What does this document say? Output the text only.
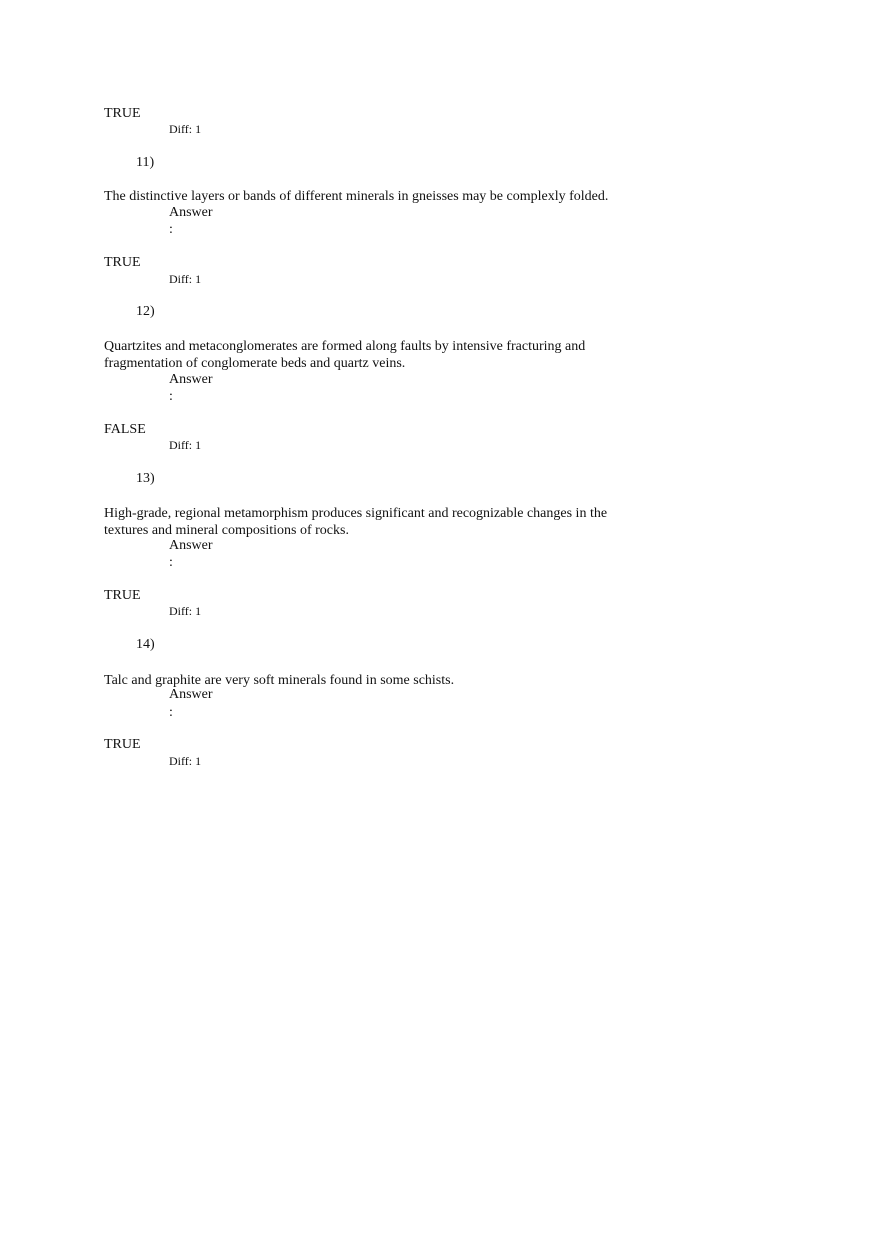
TRUE
Diff: 1
11)
The distinctive layers or bands of different minerals in gneisses may be complexly folded.
Answer
:
TRUE
Diff: 1
12)
Quartzites and metaconglomerates are formed along faults by intensive fracturing and fragmentation of conglomerate beds and quartz veins.
Answer
:
FALSE
Diff: 1
13)
High-grade, regional metamorphism produces significant and recognizable changes in the textures and mineral compositions of rocks.
Answer
:
TRUE
Diff: 1
14)
Talc and graphite are very soft minerals found in some schists.
Answer
:
TRUE
Diff: 1
